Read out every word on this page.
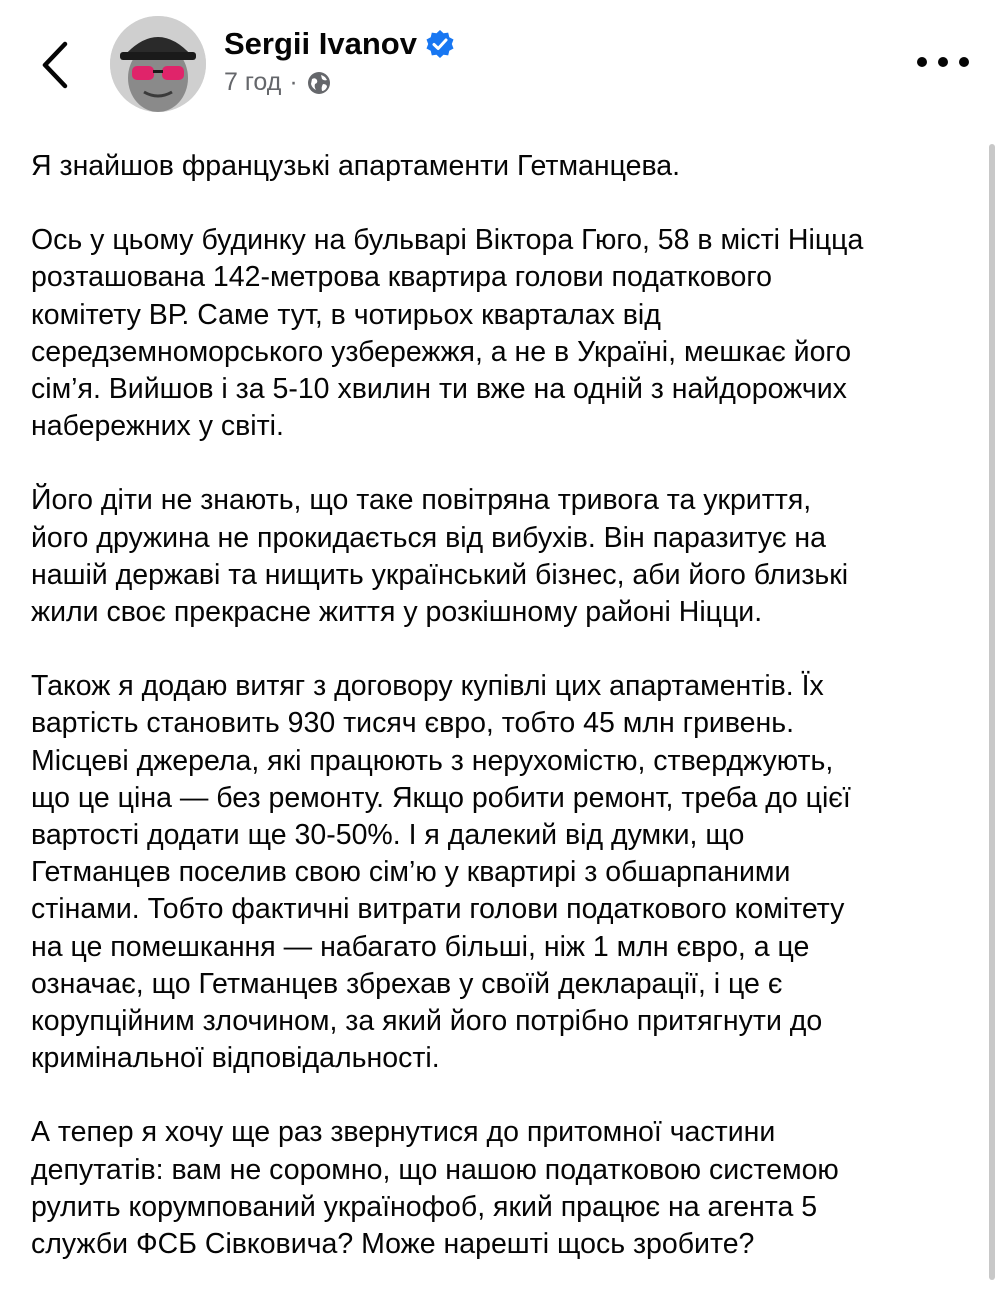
Sergii Ivanov
7 год ·

Я знайшов французькі апартаменти Гетманцева.

Ось у цьому будинку на бульварі Віктора Гюго, 58 в місті Ніцца
розташована 142-метрова квартира голови податкового
комітету ВР. Саме тут, в чотирьох кварталах від
середземноморського узбережжя, а не в Україні, мешкає його
сім’я. Вийшов і за 5-10 хвилин ти вже на одній з найдорожчих
набережних у світі.

Його діти не знають, що таке повітряна тривога та укриття,
його дружина не прокидається від вибухів. Він паразитує на
нашій державі та нищить український бізнес, аби його близькі
жили своє прекрасне життя у розкішному районі Ніцци.

Також я додаю витяг з договору купівлі цих апартаментів. Їх
вартість становить 930 тисяч євро, тобто 45 млн гривень.
Місцеві джерела, які працюють з нерухомістю, стверджують,
що це ціна — без ремонту. Якщо робити ремонт, треба до цієї
вартості додати ще 30-50%. І я далекий від думки, що
Гетманцев поселив свою сім’ю у квартирі з обшарпаними
стінами. Тобто фактичні витрати голови податкового комітету
на це помешкання — набагато більші, ніж 1 млн євро, а це
означає, що Гетманцев збрехав у своїй декларації, і це є
корупційним злочином, за який його потрібно притягнути до
кримінальної відповідальності.

А тепер я хочу ще раз звернутися до притомної частини
депутатів: вам не соромно, що нашою податковою системою
рулить корумпований українофоб, який працює на агента 5
служби ФСБ Сівковича? Може нарешті щось зробите?
